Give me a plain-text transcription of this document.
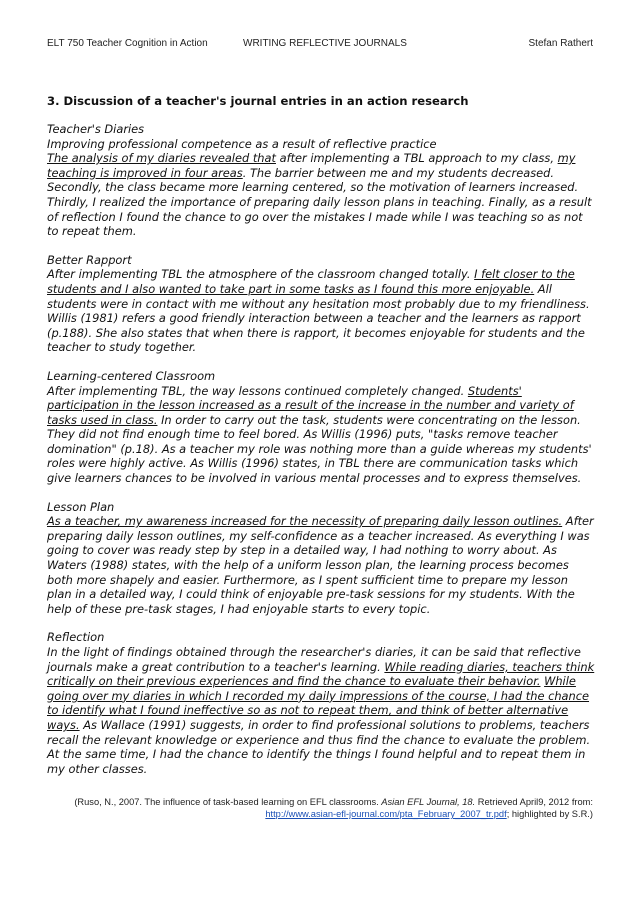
ELT 750 Teacher Cognition in Action	WRITING REFLECTIVE JOURNALS	Stefan Rathert
3. Discussion of a teacher's journal entries in an action research

Teacher's Diaries

Improving professional competence as a result of reflective practice

The analysis of my diaries revealed that after implementing a TBL approach to my class, my teaching is improved in four areas. The barrier between me and my students decreased. Secondly, the class became more learning centered, so the motivation of learners increased. Thirdly, I realized the importance of preparing daily lesson plans in teaching. Finally, as a result of reflection I found the chance to go over the mistakes I made while I was teaching so as not to repeat them.

Better Rapport

After implementing TBL the atmosphere of the classroom changed totally. I felt closer to the students and I also wanted to take part in some tasks as I found this more enjoyable. All students were in contact with me without any hesitation most probably due to my friendliness. Willis (1981) refers a good friendly interaction between a teacher and the learners as rapport (p.188). She also states that when there is rapport, it becomes enjoyable for students and the teacher to study together.

Learning-centered Classroom

After implementing TBL, the way lessons continued completely changed. Students' participation in the lesson increased as a result of the increase in the number and variety of tasks used in class. In order to carry out the task, students were concentrating on the lesson. They did not find enough time to feel bored. As Willis (1996) puts, "tasks remove teacher domination" (p.18). As a teacher my role was nothing more than a guide whereas my students' roles were highly active. As Willis (1996) states, in TBL there are communication tasks which give learners chances to be involved in various mental processes and to express themselves.

Lesson Plan

As a teacher, my awareness increased for the necessity of preparing daily lesson outlines. After preparing daily lesson outlines, my self-confidence as a teacher increased. As everything I was going to cover was ready step by step in a detailed way, I had nothing to worry about. As Waters (1988) states, with the help of a uniform lesson plan, the learning process becomes both more shapely and easier. Furthermore, as I spent sufficient time to prepare my lesson plan in a detailed way, I could think of enjoyable pre-task sessions for my students. With the help of these pre-task stages, I had enjoyable starts to every topic.

Reflection

In the light of findings obtained through the researcher's diaries, it can be said that reflective journals make a great contribution to a teacher's learning. While reading diaries, teachers think critically on their previous experiences and find the chance to evaluate their behavior. While going over my diaries in which I recorded my daily impressions of the course, I had the chance to identify what I found ineffective so as not to repeat them, and think of better alternative ways. As Wallace (1991) suggests, in order to find professional solutions to problems, teachers recall the relevant knowledge or experience and thus find the chance to evaluate the problem. At the same time, I had the chance to identify the things I found helpful and to repeat them in my other classes.

(Ruso, N., 2007. The influence of task-based learning on EFL classrooms. Asian EFL Journal, 18. Retrieved April9, 2012 from:
http://www.asian-efl-journal.com/pta_February_2007_tr.pdf; highlighted by S.R.)
